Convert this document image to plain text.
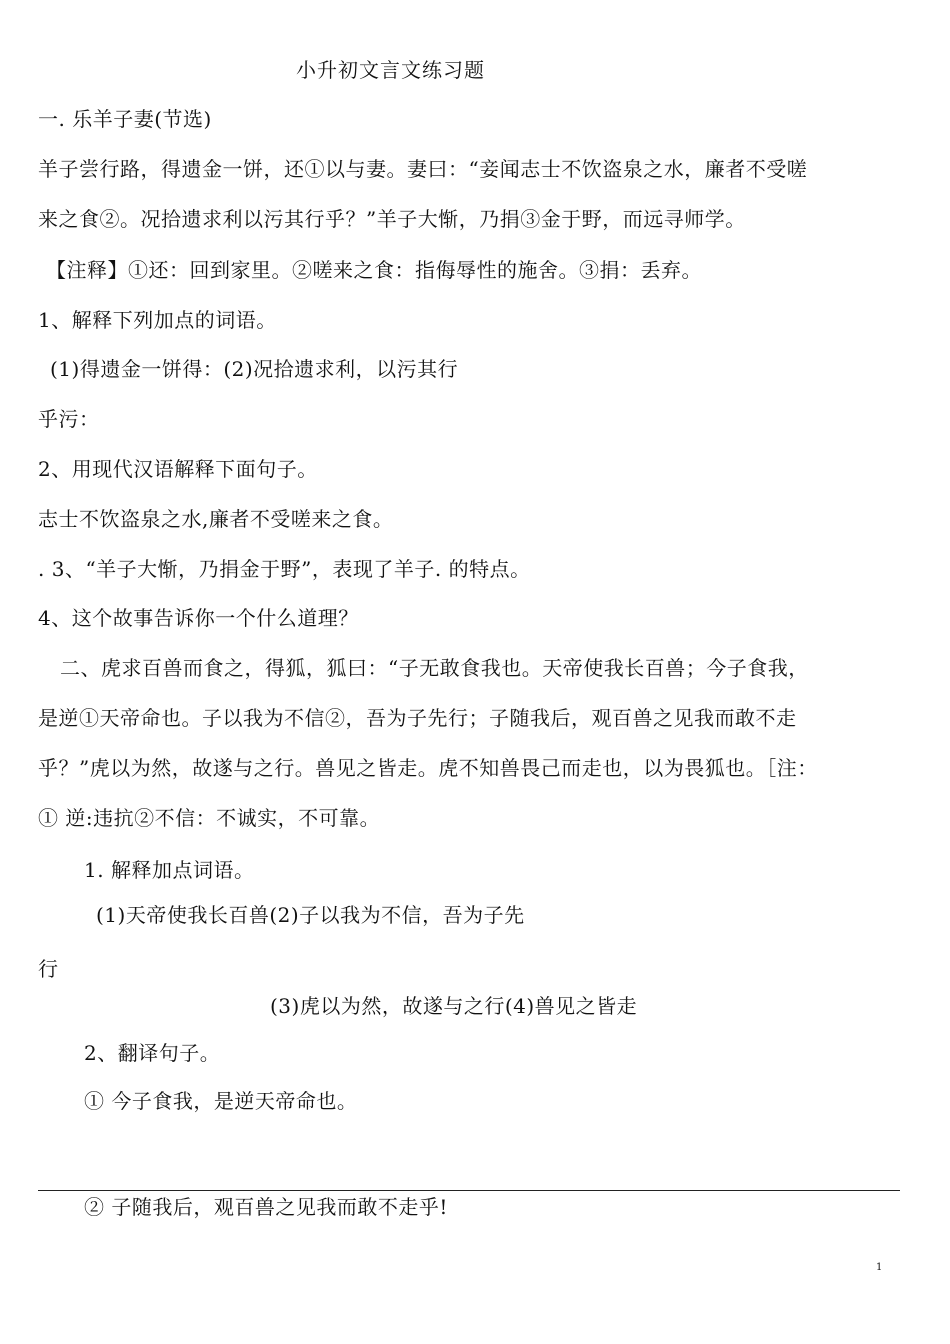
小升初文言文练习题
一. 乐羊子妻(节选)
羊子尝行路，得遗金一饼，还①以与妻。妻曰：“妾闻志士不饮盗泉之水，廉者不受嗟
来之食②。况拾遗求利以污其行乎？”羊子大惭，乃捐③金于野，而远寻师学。
【注释】①还：回到家里。②嗟来之食：指侮辱性的施舍。③捐：丢弃。
1、解释下列加点的词语。
(1)得遗金一饼得：(2)况拾遗求利，以污其行
乎污：
2、用现代汉语解释下面句子。
志士不饮盗泉之水,廉者不受嗟来之食。
. 3、“羊子大惭，乃捐金于野”，表现了羊子. 的特点。
4、这个故事告诉你一个什么道理？
二、虎求百兽而食之，得狐，狐曰：“子无敢食我也。天帝使我长百兽；今子食我，
是逆①天帝命也。子以我为不信②，吾为子先行；子随我后，观百兽之见我而敢不走
乎？”虎以为然，故遂与之行。兽见之皆走。虎不知兽畏己而走也，以为畏狐也。［注：
① 逆:违抗②不信：不诚实，不可靠。
1. 解释加点词语。
(1)天帝使我长百兽(2)子以我为不信，吾为子先
行
(3)虎以为然，故遂与之行(4)兽见之皆走
2、翻译句子。
① 今子食我，是逆天帝命也。
② 子随我后，观百兽之见我而敢不走乎!
1
